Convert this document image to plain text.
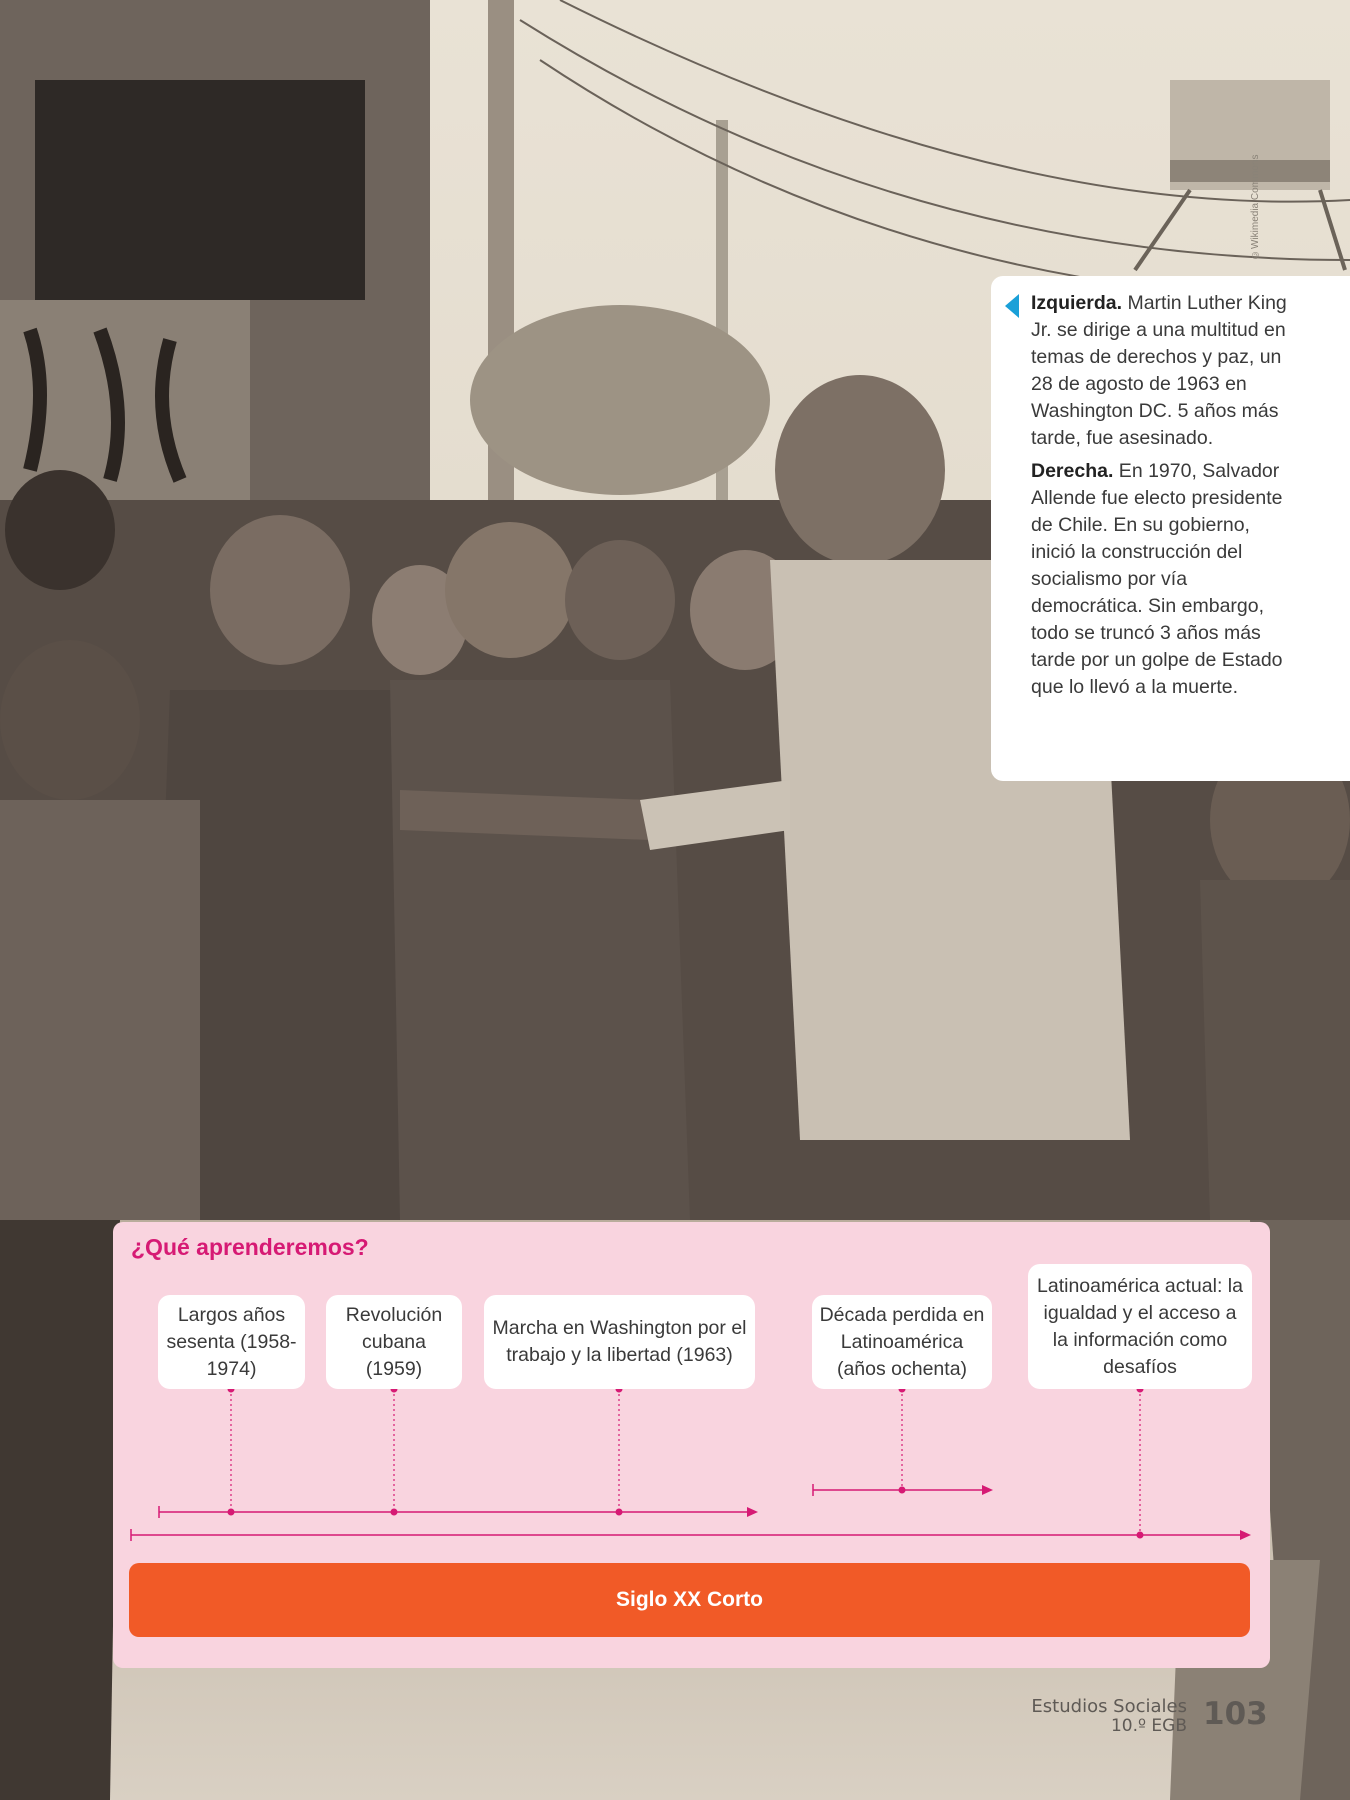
©Wikimedia Commons

Izquierda. Martin Luther King Jr. se dirige a una multitud en temas de derechos y paz, un 28 de agosto de 1963 en Washington DC. 5 años más tarde, fue asesinado.

Derecha. En 1970, Salvador Allende fue electo presidente de Chile. En su gobierno, inició la construcción del socialismo por vía democrática. Sin embargo, todo se truncó 3 años más tarde por un golpe de Estado que lo llevó a la muerte.

¿Qué aprenderemos?
Largos años sesenta (1958-1974)
Revolución cubana (1959)
Marcha en Washington por el trabajo y la libertad (1963)
Década perdida en Latinoamérica (años ochenta)
Latinoamérica actual: la igualdad y el acceso a la información como desafíos
Siglo XX Corto
Estudios Sociales
10.º EGB 103
